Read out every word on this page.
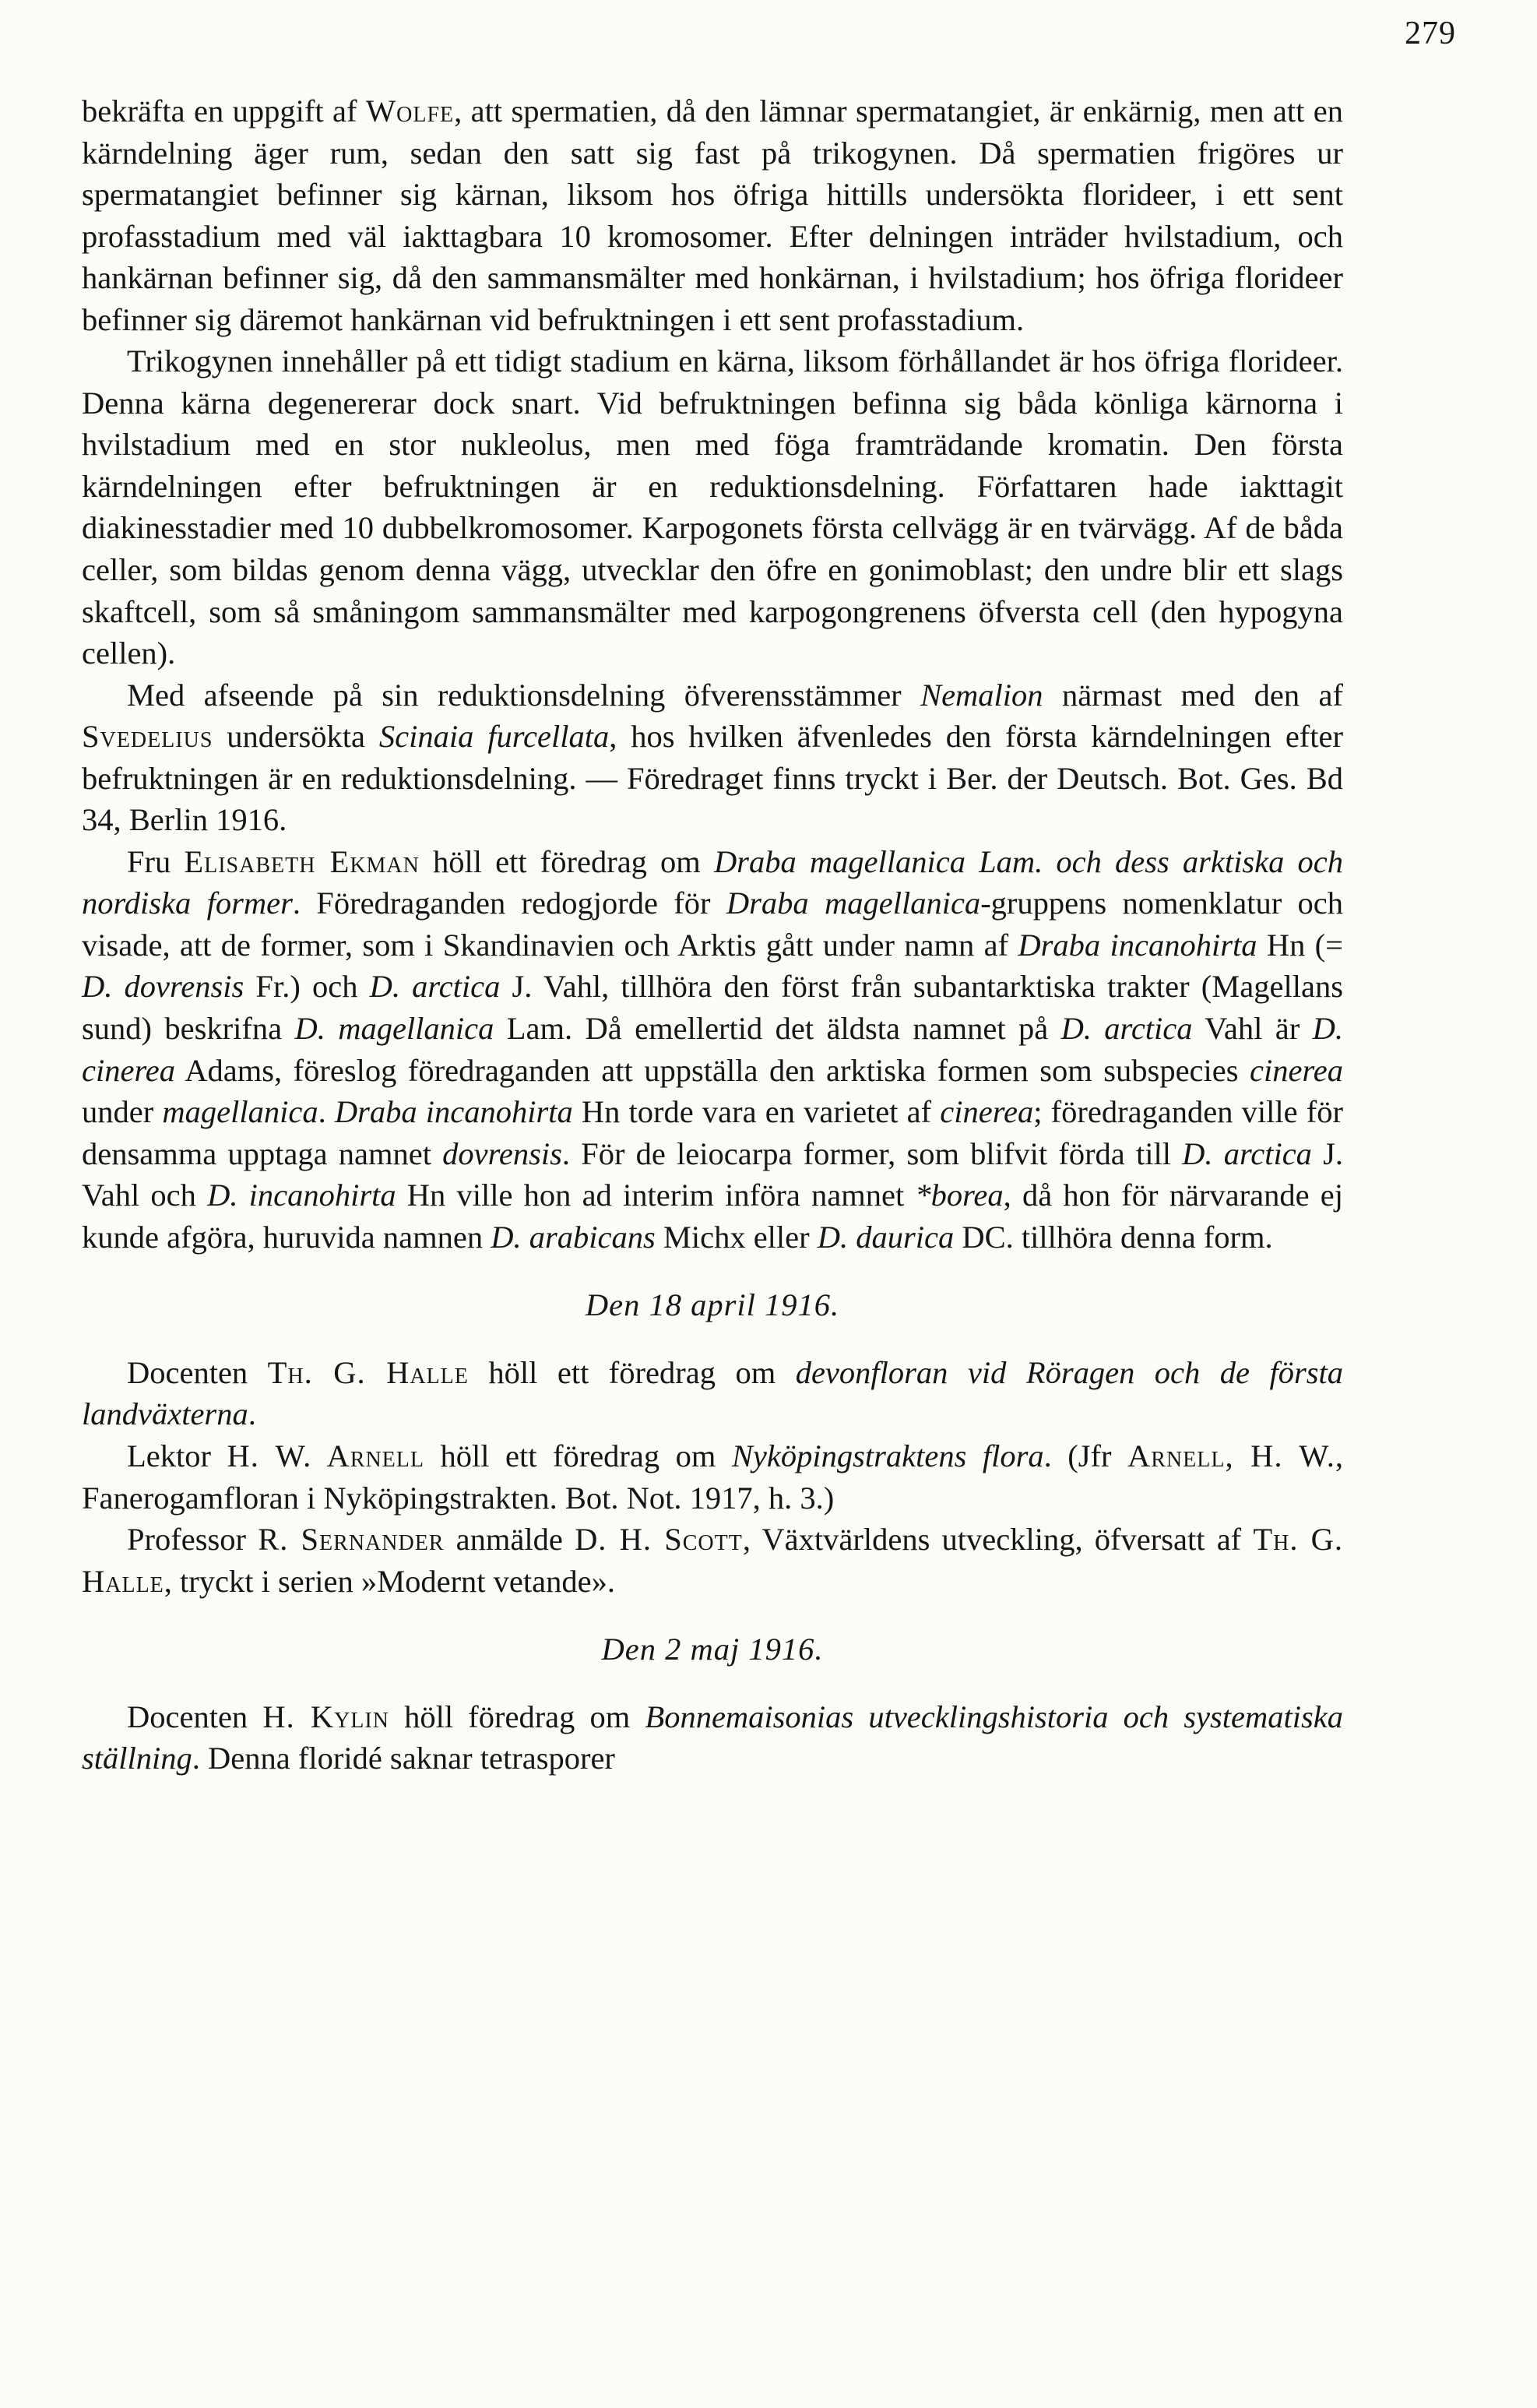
279

bekräfta en uppgift af Wolfe, att spermatien, då den lämnar spermatangiet, är enkärnig, men att en kärndelning äger rum, sedan den satt sig fast på trikogynen. Då spermatien frigöres ur spermatangiet befinner sig kärnan, liksom hos öfriga hittills undersökta florideer, i ett sent profasstadium med väl iakttagbara 10 kromosomer. Efter delningen inträder hvilstadium, och hankärnan befinner sig, då den sammansmälter med honkärnan, i hvilstadium; hos öfriga florideer befinner sig däremot hankärnan vid befruktningen i ett sent profasstadium.

Trikogynen innehåller på ett tidigt stadium en kärna, liksom förhållandet är hos öfriga florideer. Denna kärna degenererar dock snart. Vid befruktningen befinna sig båda könliga kärnorna i hvilstadium med en stor nukleolus, men med föga framträdande kromatin. Den första kärndelningen efter befruktningen är en reduktionsdelning. Författaren hade iakttagit diakinesstadier med 10 dubbelkromosomer. Karpogonets första cellvägg är en tvärvägg. Af de båda celler, som bildas genom denna vägg, utvecklar den öfre en gonimoblast; den undre blir ett slags skaftcell, som så småningom sammansmälter med karpogongrenens öfversta cell (den hypogyna cellen).

Med afseende på sin reduktionsdelning öfverensstämmer Nemalion närmast med den af Svedelius undersökta Scinaia furcellata, hos hvilken äfvenledes den första kärndelningen efter befruktningen är en reduktionsdelning. — Föredraget finns tryckt i Ber. der Deutsch. Bot. Ges. Bd 34, Berlin 1916.

Fru Elisabeth Ekman höll ett föredrag om Draba magellanica Lam. och dess arktiska och nordiska former. Föredraganden redogjorde för Draba magellanica-gruppens nomenklatur och visade, att de former, som i Skandinavien och Arktis gått under namn af Draba incanohirta Hn (= D. dovrensis Fr.) och D. arctica J. Vahl, tillhöra den först från subantarktiska trakter (Magellans sund) beskrifna D. magellanica Lam. Då emellertid det äldsta namnet på D. arctica Vahl är D. cinerea Adams, föreslog föredraganden att uppställa den arktiska formen som subspecies cinerea under magellanica. Draba incanohirta Hn torde vara en varietet af cinerea; föredraganden ville för densamma upptaga namnet dovrensis. För de leiocarpa former, som blifvit förda till D. arctica J. Vahl och D. incanohirta Hn ville hon ad interim införa namnet *borea, då hon för närvarande ej kunde afgöra, huruvida namnen D. arabicans Michx eller D. daurica DC. tillhöra denna form.

Den 18 april 1916.

Docenten Th. G. Halle höll ett föredrag om devonfloran vid Röragen och de första landväxterna.

Lektor H. W. Arnell höll ett föredrag om Nyköpingstraktens flora. (Jfr Arnell, H. W., Fanerogamfloran i Nyköpingstrakten. Bot. Not. 1917, h. 3.)

Professor R. Sernander anmälde D. H. Scott, Växtvärldens utveckling, öfversatt af Th. G. Halle, tryckt i serien »Modernt vetande».

Den 2 maj 1916.

Docenten H. Kylin höll föredrag om Bonnemaisonias utvecklingshistoria och systematiska ställning. Denna floridé saknar tetrasporer
